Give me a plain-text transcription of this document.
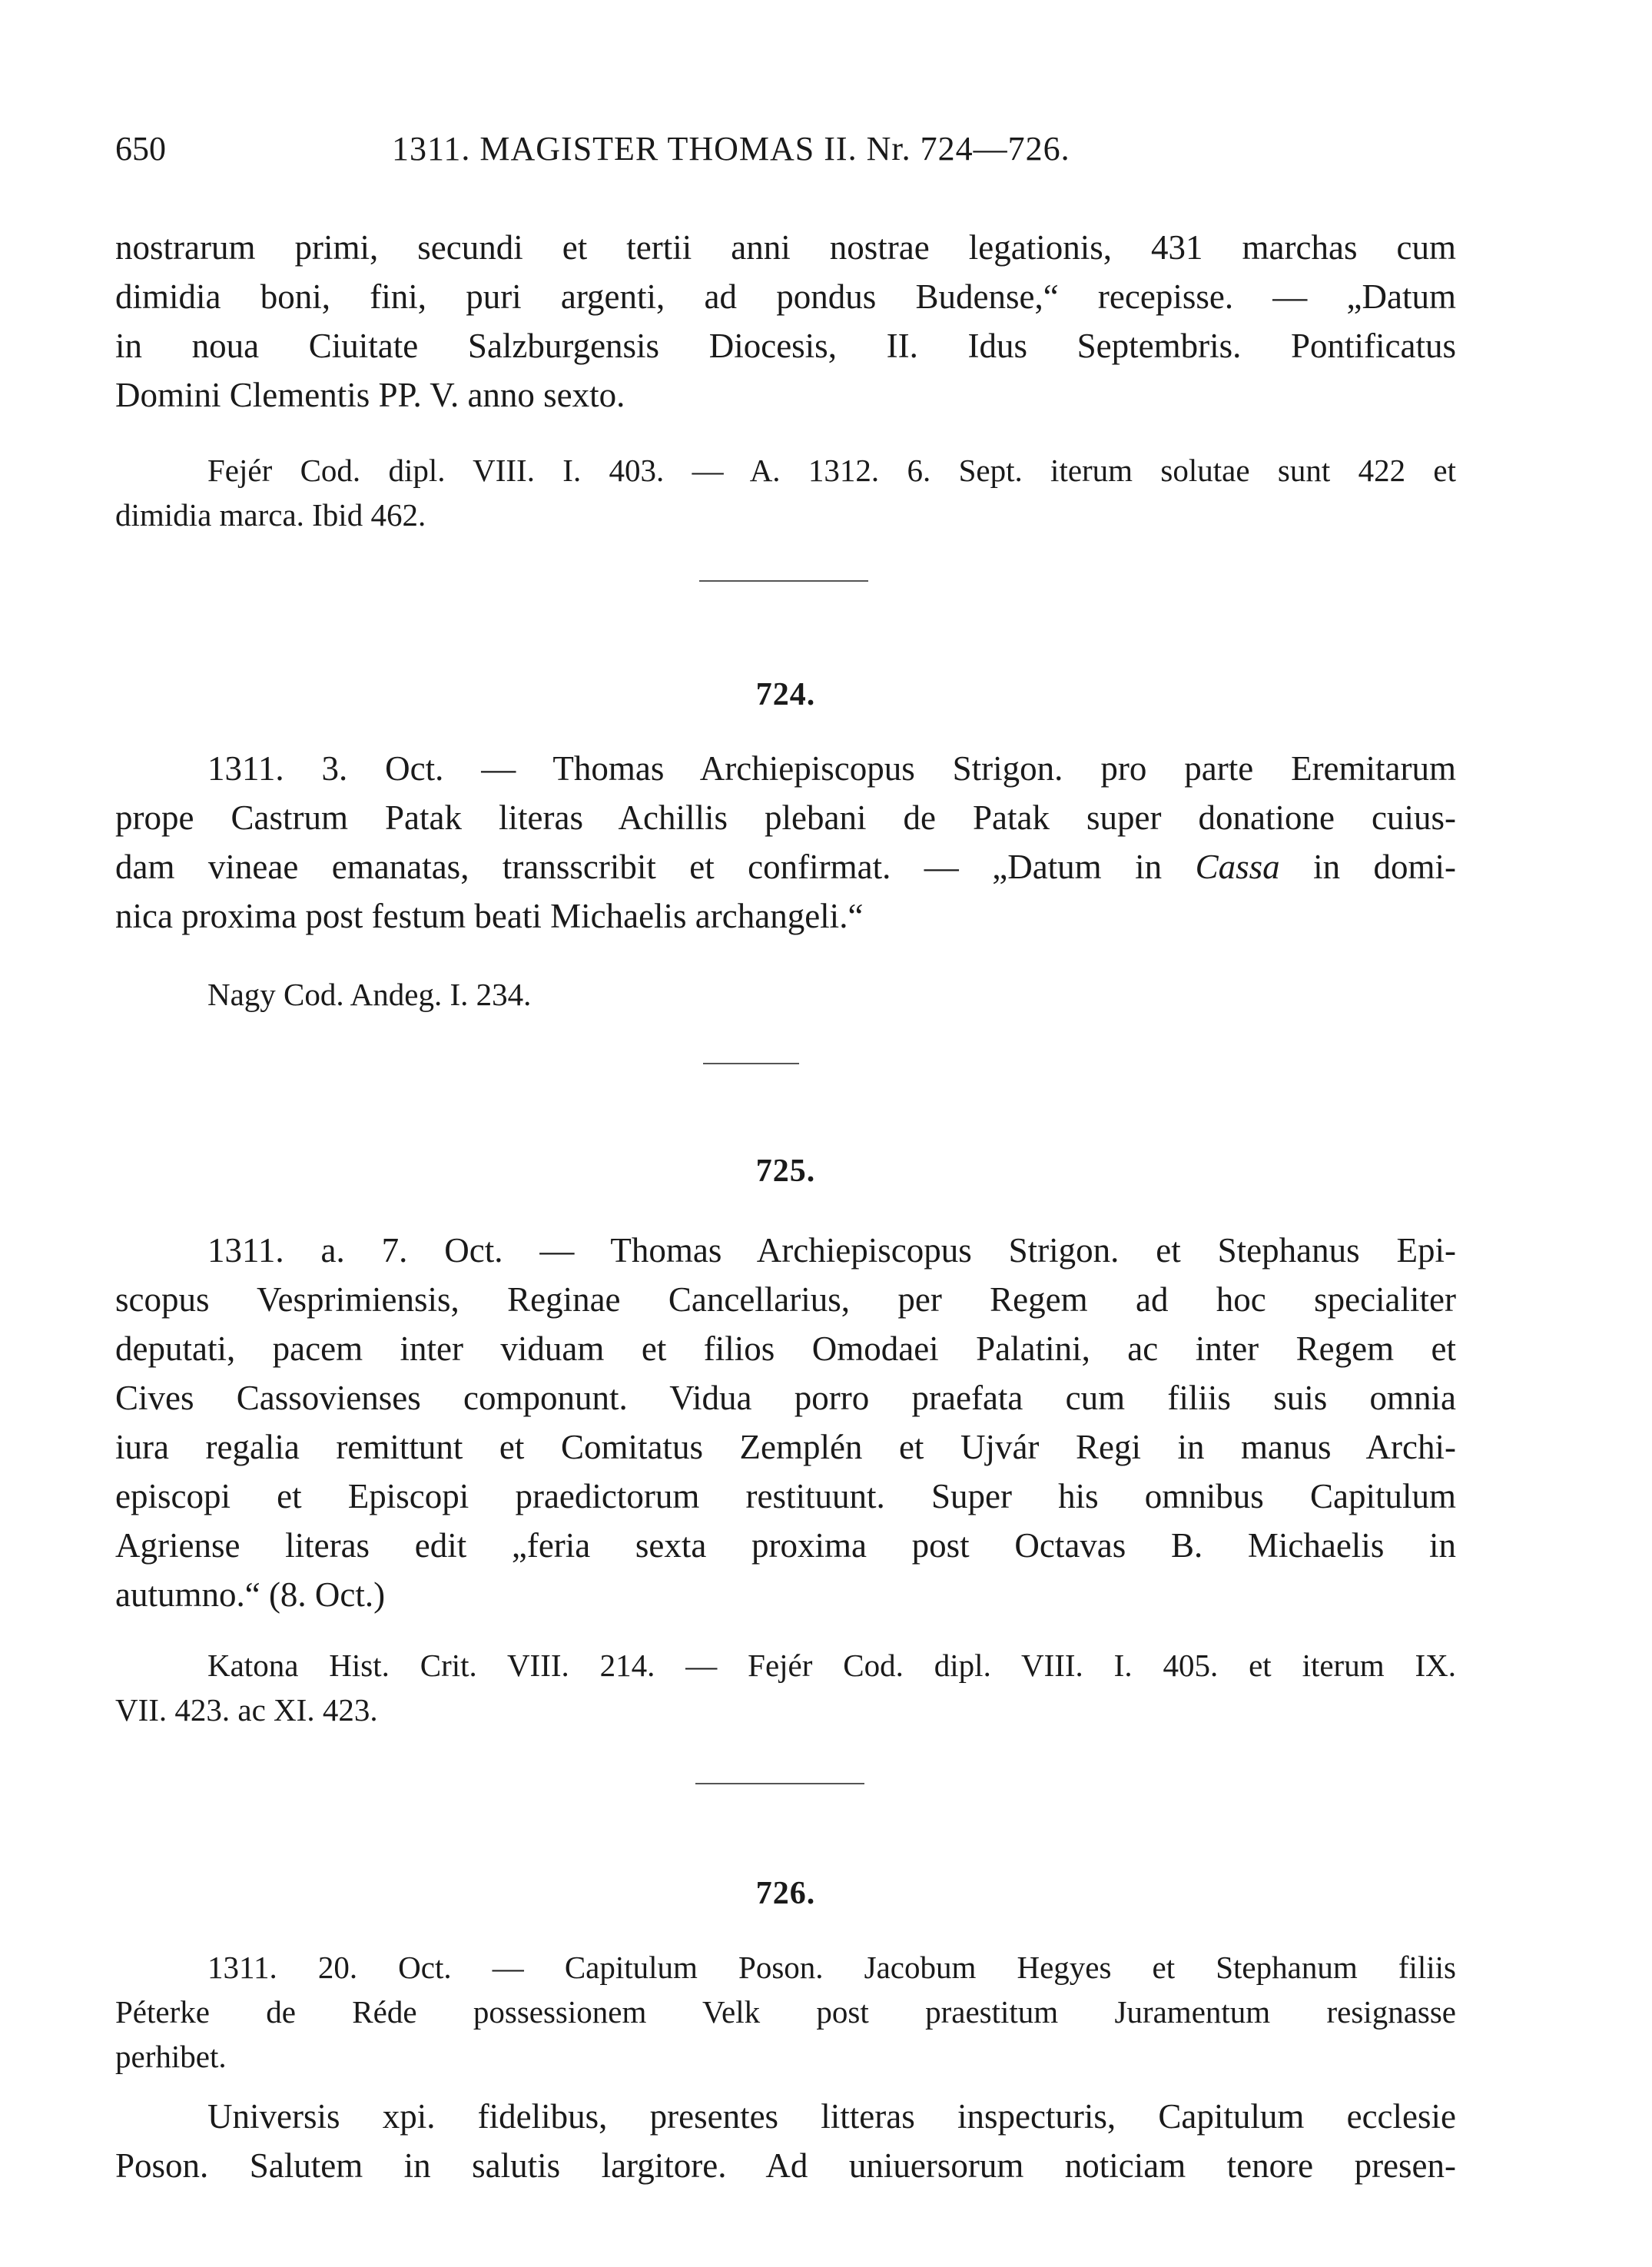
650	1311. MAGISTER THOMAS II. Nr. 724—726.
nostrarum primi, secundi et tertii anni nostrae legationis, 431 marchas cum
dimidia boni, fini, puri argenti, ad pondus Budense,“ recepisse. — „Datum
in noua Ciuitate Salzburgensis Diocesis, II. Idus Septembris. Pontificatus
Domini Clementis PP. V. anno sexto.
Fejér Cod. dipl. VIII. I. 403. — A. 1312. 6. Sept. iterum solutae sunt 422 et
dimidia marca. Ibid 462.
724.
1311. 3. Oct. — Thomas Archiepiscopus Strigon. pro parte Eremitarum
prope Castrum Patak literas Achillis plebani de Patak super donatione cuius-
dam vineae emanatas, transscribit et confirmat. — „Datum in Cassa in domi-
nica proxima post festum beati Michaelis archangeli.“
Nagy Cod. Andeg. I. 234.
725.
1311. a. 7. Oct. — Thomas Archiepiscopus Strigon. et Stephanus Epi-
scopus Vesprimiensis, Reginae Cancellarius, per Regem ad hoc specialiter
deputati, pacem inter viduam et filios Omodaei Palatini, ac inter Regem et
Cives Cassovienses componunt. Vidua porro praefata cum filiis suis omnia
iura regalia remittunt et Comitatus Zemplén et Ujvár Regi in manus Archi-
episcopi et Episcopi praedictorum restituunt. Super his omnibus Capitulum
Agriense literas edit „feria sexta proxima post Octavas B. Michaelis in
autumno.“ (8. Oct.)
Katona Hist. Crit. VIII. 214. — Fejér Cod. dipl. VIII. I. 405. et iterum IX.
VII. 423. ac XI. 423.
726.
1311. 20. Oct. — Capitulum Poson. Jacobum Hegyes et Stephanum filiis
Péterke de Réde possessionem Velk post praestitum Juramentum resignasse
perhibet.
Universis xpi. fidelibus, presentes litteras inspecturis, Capitulum ecclesie
Poson. Salutem in salutis largitore. Ad uniuersorum noticiam tenore presen-
